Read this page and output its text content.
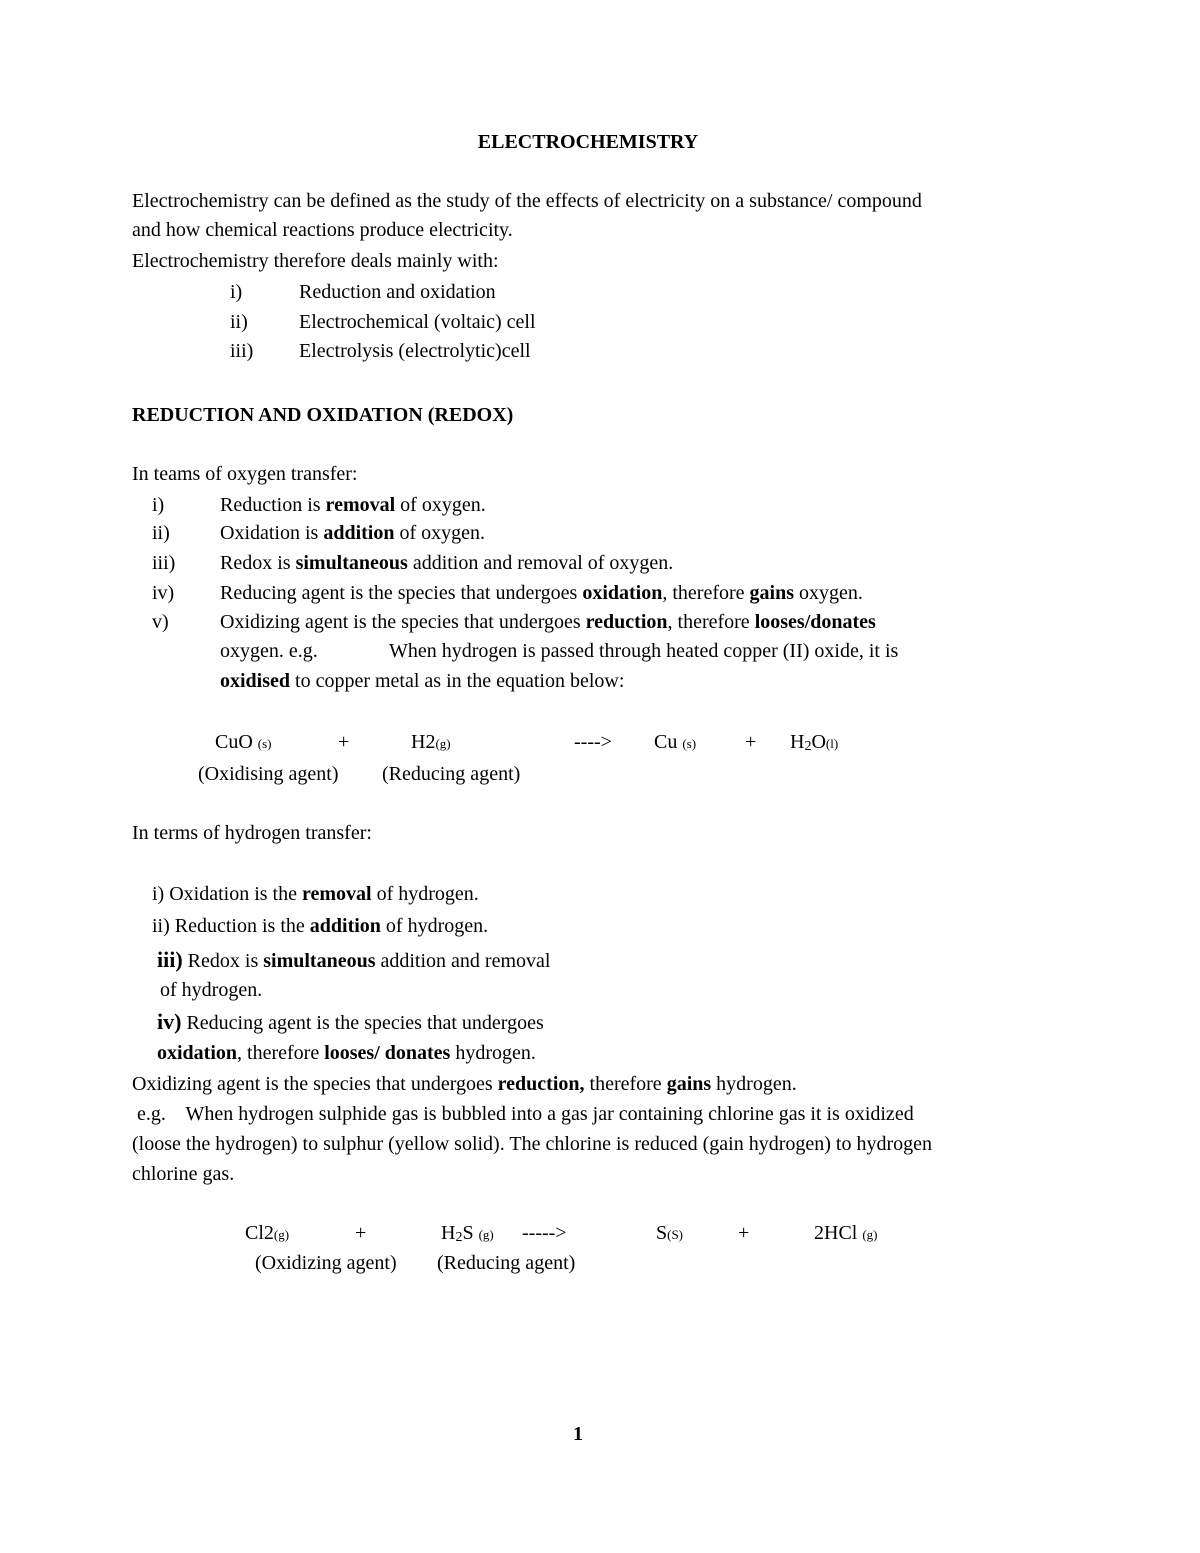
ELECTROCHEMISTRY
Electrochemistry can be defined as the study of the effects of electricity on a substance/ compound
and how chemical reactions produce electricity.
Electrochemistry therefore deals mainly with:
i)	Reduction and oxidation
ii)	Electrochemical (voltaic) cell
iii) Electrolysis (electrolytic)cell
REDUCTION AND OXIDATION (REDOX)
In teams of oxygen transfer:
i)	Reduction is removal of oxygen.
ii)	Oxidation is addition of oxygen.
iii) Redox is simultaneous addition and removal of oxygen.
iv) Reducing agent is the species that undergoes oxidation, therefore gains oxygen.
v)	Oxidizing agent is the species that undergoes reduction, therefore looses/donates
oxygen. e.g.	When hydrogen is passed through heated copper (II) oxide, it is
oxidised to copper metal as in the equation below:
CuO (s)	+	H2(g)	----> Cu (s) + H2O(l)
(Oxidising agent) (Reducing agent)
In terms of hydrogen transfer:
i) Oxidation is the removal of hydrogen.
ii) Reduction is the addition of hydrogen.
iii) Redox is simultaneous addition and removal
of hydrogen.
iv) Reducing agent is the species that undergoes
oxidation, therefore looses/ donates hydrogen.
Oxidizing agent is the species that undergoes reduction, therefore gains hydrogen.
e.g.    When hydrogen sulphide gas is bubbled into a gas jar containing chlorine gas it is oxidized
(loose the hydrogen) to sulphur (yellow solid). The chlorine is reduced (gain hydrogen) to hydrogen
chlorine gas.
Cl2(g)	+	H2S (g) ----->	S(S)	+	2HCl (g)
(Oxidizing agent) (Reducing agent)
1
